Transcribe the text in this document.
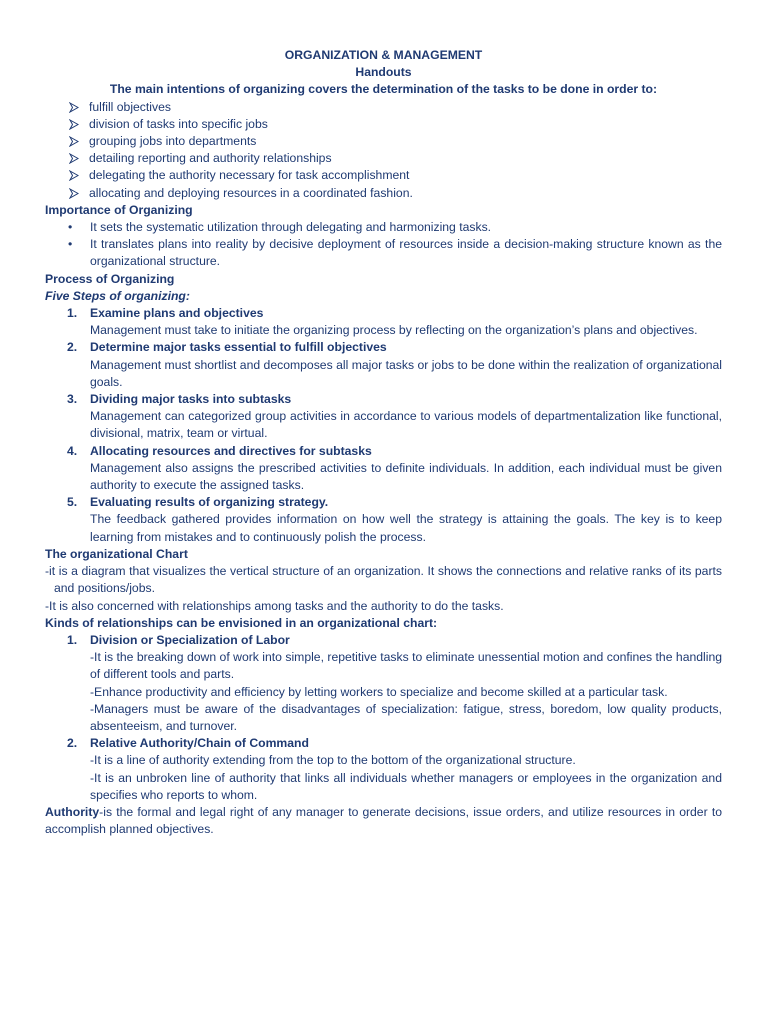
ORGANIZATION & MANAGEMENT

Handouts

The main intentions of organizing covers the determination of the tasks to be done in order to:

fulfill objectives
division of tasks into specific jobs
grouping jobs into departments
detailing reporting and authority relationships
delegating the authority necessary for task accomplishment
allocating and deploying resources in a coordinated fashion.

Importance of Organizing

• It sets the systematic utilization through delegating and harmonizing tasks.
• It translates plans into reality by decisive deployment of resources inside a decision-making structure known as the organizational structure.

Process of Organizing

Five Steps of organizing:

1. Examine plans and objectives

Management must take to initiate the organizing process by reflecting on the organization’s plans and objectives.

2. Determine major tasks essential to fulfill objectives

Management must shortlist and decomposes all major tasks or jobs to be done within the realization of organizational goals.

3. Dividing major tasks into subtasks

Management can categorized group activities in accordance to various models of departmentalization like functional, divisional, matrix, team or virtual.

4. Allocating resources and directives for subtasks

Management also assigns the prescribed activities to definite individuals. In addition, each individual must be given authority to execute the assigned tasks.

5. Evaluating results of organizing strategy.

The feedback gathered provides information on how well the strategy is attaining the goals. The key is to keep learning from mistakes and to continuously polish the process.

The organizational Chart

-it is a diagram that visualizes the vertical structure of an organization. It shows the connections and relative ranks of its parts and positions/jobs.

-It is also concerned with relationships among tasks and the authority to do the tasks.

Kinds of relationships can be envisioned in an organizational chart:

1. Division or Specialization of Labor

-It is the breaking down of work into simple, repetitive tasks to eliminate unessential motion and confines the handling of different tools and parts.

-Enhance productivity and efficiency by letting workers to specialize and become skilled at a particular task.

-Managers must be aware of the disadvantages of specialization: fatigue, stress, boredom, low quality products, absenteeism, and turnover.

2. Relative Authority/Chain of Command

-It is a line of authority extending from the top to the bottom of the organizational structure.

-It is an unbroken line of authority that links all individuals whether managers or employees in the organization and specifies who reports to whom.

Authority-is the formal and legal right of any manager to generate decisions, issue orders, and utilize resources in order to accomplish planned objectives.
